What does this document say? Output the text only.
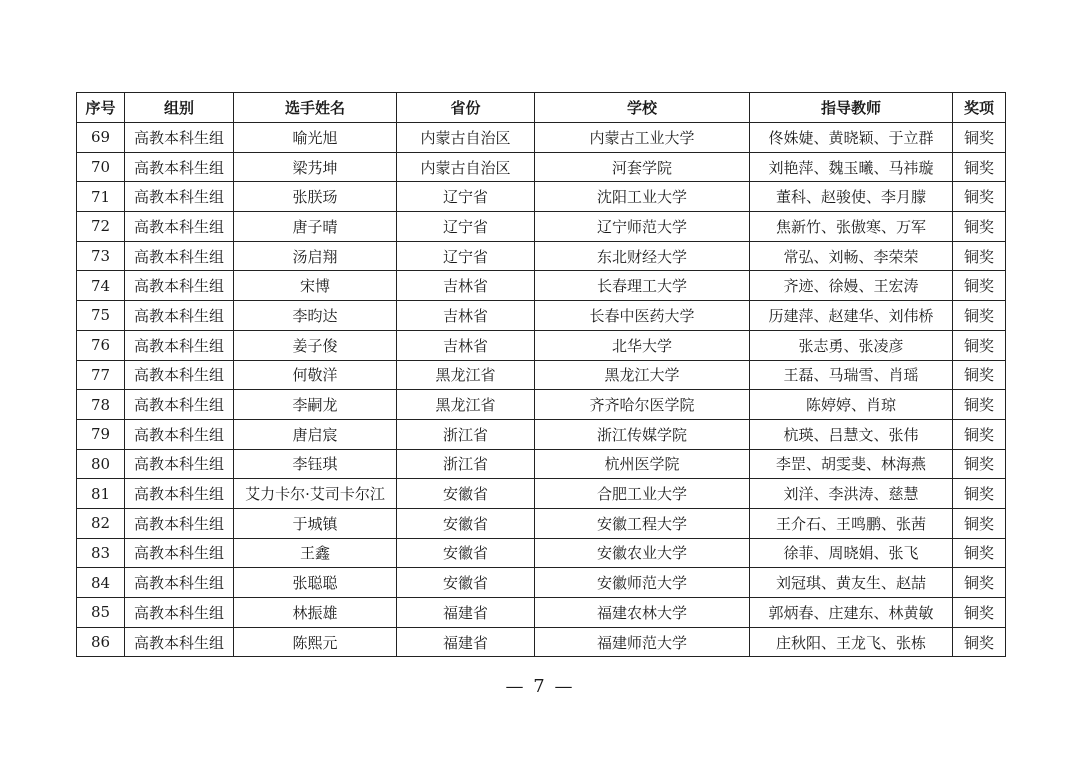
序号	组别	选手姓名	省份	学校	指导教师	奖项
69	高教本科生组	喻光旭	内蒙古自治区	内蒙古工业大学	佟姝婕、黄晓颖、于立群	铜奖
70	高教本科生组	梁艿坤	内蒙古自治区	河套学院	刘艳萍、魏玉曦、马祎璇	铜奖
71	高教本科生组	张朕玚	辽宁省	沈阳工业大学	董科、赵骏使、李月朦	铜奖
72	高教本科生组	唐子晴	辽宁省	辽宁师范大学	焦新竹、张傲寒、万军	铜奖
73	高教本科生组	汤启翔	辽宁省	东北财经大学	常弘、刘畅、李荣荣	铜奖
74	高教本科生组	宋博	吉林省	长春理工大学	齐迹、徐嫚、王宏涛	铜奖
75	高教本科生组	李昀达	吉林省	长春中医药大学	历建萍、赵建华、刘伟桥	铜奖
76	高教本科生组	姜子俊	吉林省	北华大学	张志勇、张凌彦	铜奖
77	高教本科生组	何敬洋	黑龙江省	黑龙江大学	王磊、马瑞雪、肖瑶	铜奖
78	高教本科生组	李嗣龙	黑龙江省	齐齐哈尔医学院	陈婷婷、肖琼	铜奖
79	高教本科生组	唐启宸	浙江省	浙江传媒学院	杭瑛、吕慧文、张伟	铜奖
80	高教本科生组	李钰琪	浙江省	杭州医学院	李罡、胡雯斐、林海燕	铜奖
81	高教本科生组	艾力卡尔·艾司卡尔江	安徽省	合肥工业大学	刘洋、李洪涛、慈慧	铜奖
82	高教本科生组	于城镇	安徽省	安徽工程大学	王介石、王鸣鹏、张茜	铜奖
83	高教本科生组	王鑫	安徽省	安徽农业大学	徐菲、周晓娟、张飞	铜奖
84	高教本科生组	张聪聪	安徽省	安徽师范大学	刘冠琪、黄友生、赵喆	铜奖
85	高教本科生组	林振雄	福建省	福建农林大学	郭炳春、庄建东、林黄敏	铜奖
86	高教本科生组	陈熙元	福建省	福建师范大学	庄秋阳、王龙飞、张栋	铜奖
— 7 —
